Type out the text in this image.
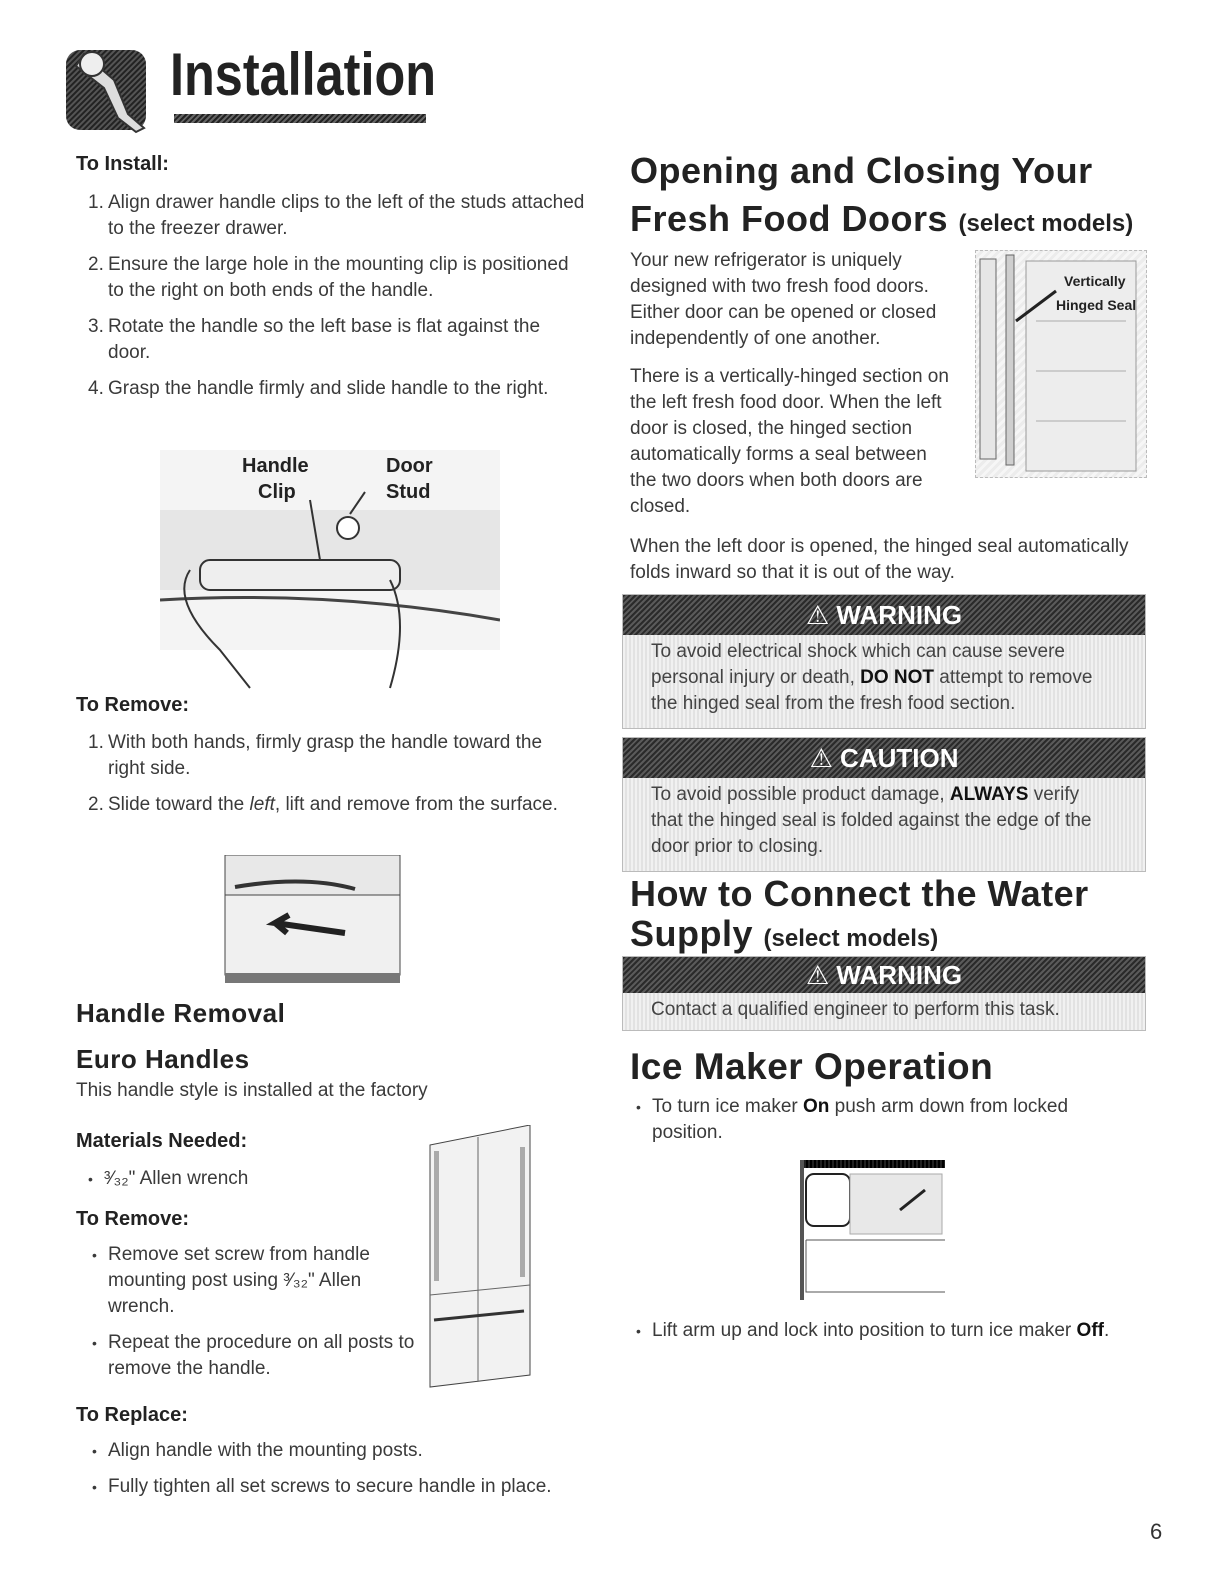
Installation
To Install:
1. Align drawer handle clips to the left of the studs attached to the freezer drawer.
2. Ensure the large hole in the mounting clip is positioned to the right on both ends of the handle.
3. Rotate the handle so the left base is flat against the door.
4. Grasp the handle firmly and slide handle to the right.
Handle
Clip
Door
Stud
To Remove:
1. With both hands, firmly grasp the handle toward the right side.
2. Slide toward the left, lift and remove from the surface.
Handle Removal
Euro Handles
This handle style is installed at the factory
Materials Needed:
• ³⁄₃₂" Allen wrench
To Remove:
• Remove set screw from handle mounting post using ³⁄₃₂" Allen wrench.
• Repeat the procedure on all posts to remove the handle.
To Replace:
• Align handle with the mounting posts.
• Fully tighten all set screws to secure handle in place.
Opening and Closing Your
Fresh Food Doors (select models)
Your new refrigerator is uniquely designed with two fresh food doors. Either door can be opened or closed independently of one another.
There is a vertically-hinged section on the left fresh food door. When the left door is closed, the hinged section automatically forms a seal between the two doors when both doors are closed.
When the left door is opened, the hinged seal automatically folds inward so that it is out of the way.
Vertically
Hinged Seal
⚠ WARNING
To avoid electrical shock which can cause severe personal injury or death, DO NOT attempt to remove the hinged seal from the fresh food section.
⚠ CAUTION
To avoid possible product damage, ALWAYS verify that the hinged seal is folded against the edge of the door prior to closing.
How to Connect the Water
Supply (select models)
⚠ WARNING
Contact a qualified engineer to perform this task.
Ice Maker Operation
• To turn ice maker On push arm down from locked position.
• Lift arm up and lock into position to turn ice maker Off.
6
